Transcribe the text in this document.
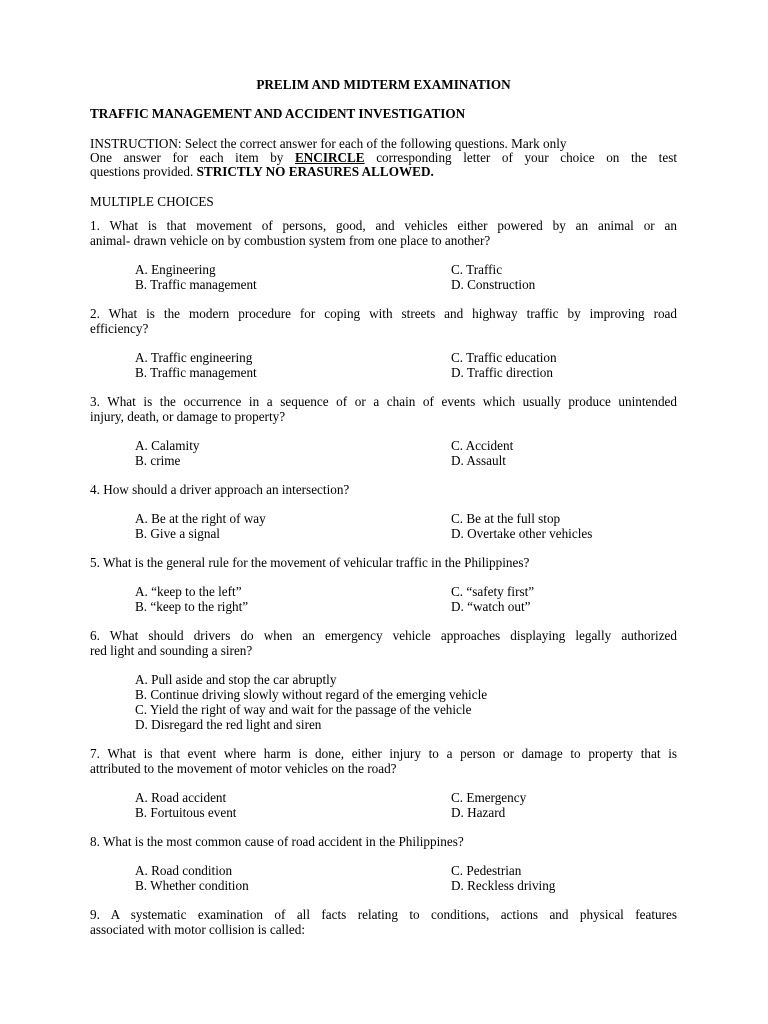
PRELIM AND MIDTERM EXAMINATION
TRAFFIC MANAGEMENT AND ACCIDENT INVESTIGATION
INSTRUCTION: Select the correct answer for each of the following questions. Mark only
One answer for each item by ENCIRCLE corresponding letter of your choice on the test
questions provided. STRICTLY NO ERASURES ALLOWED.
MULTIPLE CHOICES
1. What is that movement of persons, good, and vehicles either powered by an animal or an
animal- drawn vehicle on by combustion system from one place to another?
A. Engineering
B. Traffic management
C. Traffic
D. Construction
2. What is the modern procedure for coping with streets and highway traffic by improving road
efficiency?
A. Traffic engineering
B. Traffic management
C. Traffic education
D. Traffic direction
3. What is the occurrence in a sequence of or a chain of events which usually produce unintended
injury, death, or damage to property?
A. Calamity
B. crime
C. Accident
D. Assault
4. How should a driver approach an intersection?
A. Be at the right of way
B. Give a signal
C. Be at the full stop
D. Overtake other vehicles
5. What is the general rule for the movement of vehicular traffic in the Philippines?
A. “keep to the left”
B. “keep to the right”
C. “safety first”
D. “watch out”
6. What should drivers do when an emergency vehicle approaches displaying legally authorized
red light and sounding a siren?
A. Pull aside and stop the car abruptly
B. Continue driving slowly without regard of the emerging vehicle
C. Yield the right of way and wait for the passage of the vehicle
D. Disregard the red light and siren
7. What is that event where harm is done, either injury to a person or damage to property that is
attributed to the movement of motor vehicles on the road?
A. Road accident
B. Fortuitous event
C. Emergency
D. Hazard
8. What is the most common cause of road accident in the Philippines?
A. Road condition
B. Whether condition
C. Pedestrian
D. Reckless driving
9. A systematic examination of all facts relating to conditions, actions and physical features
associated with motor collision is called:
